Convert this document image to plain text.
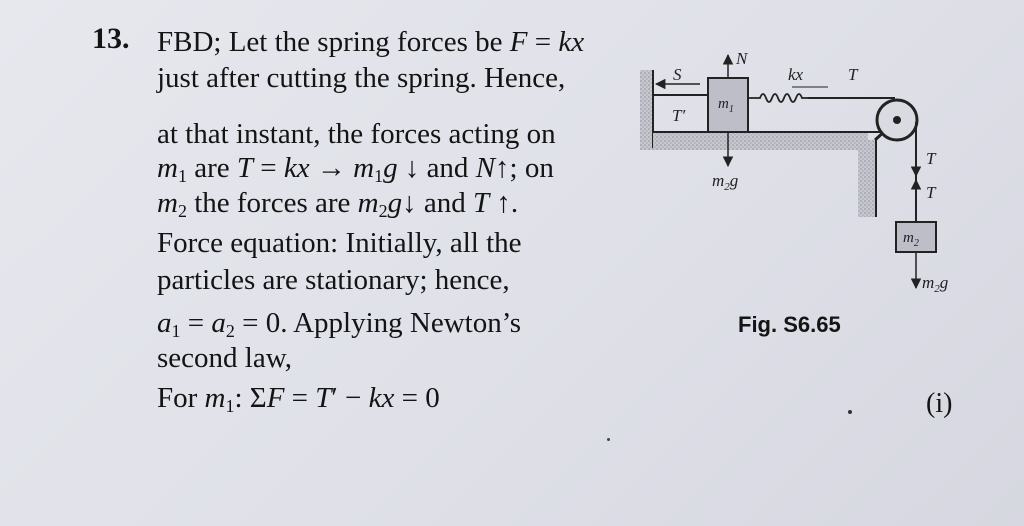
13. FBD; Let the spring forces be F = kx
just after cutting the spring. Hence,
at that instant, the forces acting on
$m_1$ are T = kx → $m_1g$ ↓ and N↑; on
$m_2$ the forces are $m_2g↓$ and T ↑.
Force equation: Initially, all the
particles are stationary; hence,
$a_1 = a_2 = 0$. Applying Newton’s
second law,
For $m_1$: ΣF = T′ − kx = 0	(i)
S
T′
$m_1$
N
$m_2g$
kx	T
T
T
$m_2$
$m_2g$
Fig. S6.65
